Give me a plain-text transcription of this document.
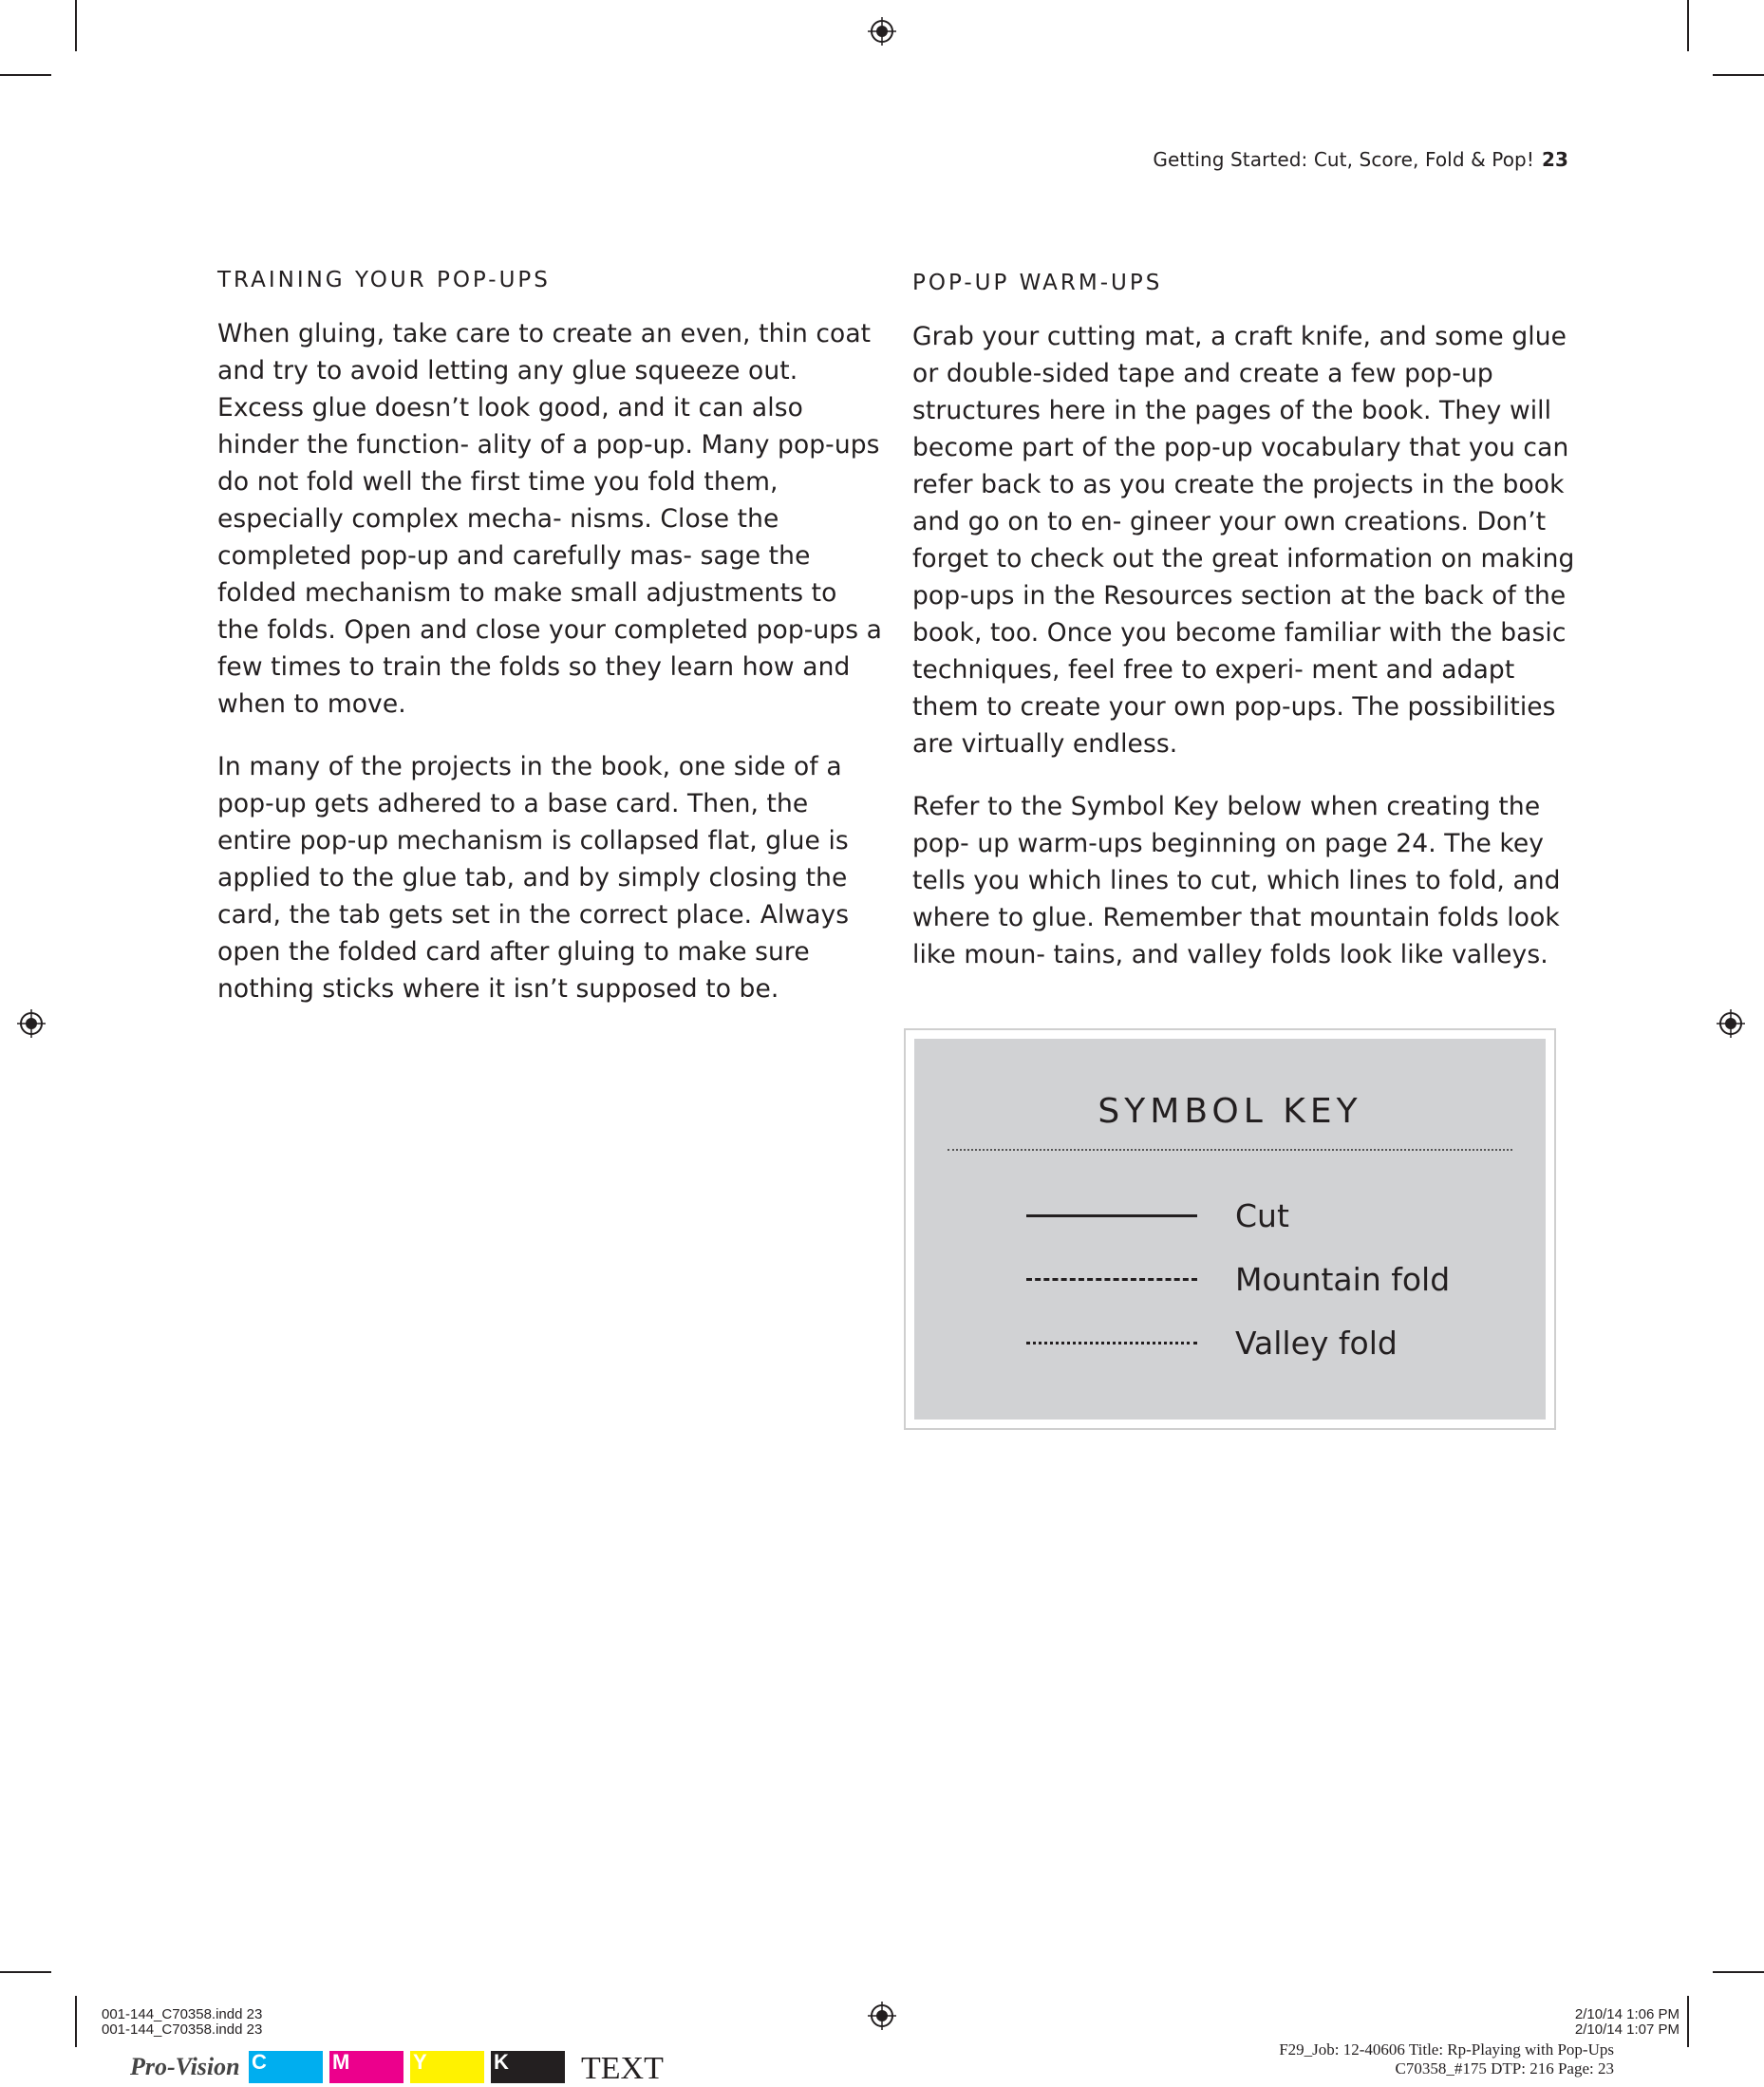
Getting Started: Cut, Score, Fold & Pop! 23
TRAINING YOUR POP-UPS

When gluing, take care to create an even, thin coat and try to avoid letting any glue squeeze out. Excess glue doesn’t look good, and it can also hinder the function- ality of a pop-up. Many pop-ups do not fold well the first time you fold them, especially complex mecha- nisms. Close the completed pop-up and carefully mas- sage the folded mechanism to make small adjustments to the folds. Open and close your completed pop-ups a few times to train the folds so they learn how and when to move.

In many of the projects in the book, one side of a pop-up gets adhered to a base card. Then, the entire pop-up mechanism is collapsed flat, glue is applied to the glue tab, and by simply closing the card, the tab gets set in the correct place. Always open the folded card after gluing to make sure nothing sticks where it isn’t supposed to be.

POP-UP WARM-UPS

Grab your cutting mat, a craft knife, and some glue or double-sided tape and create a few pop-up structures here in the pages of the book. They will become part of the pop-up vocabulary that you can refer back to as you create the projects in the book and go on to en- gineer your own creations. Don’t forget to check out the great information on making pop-ups in the Resources section at the back of the book, too. Once you become familiar with the basic techniques, feel free to experi- ment and adapt them to create your own pop-ups. The possibilities are virtually endless.

Refer to the Symbol Key below when creating the pop- up warm-ups beginning on page 24. The key tells you which lines to cut, which lines to fold, and where to glue. Remember that mountain folds look like moun- tains, and valley folds look like valleys.

SYMBOL KEY
Cut
Mountain fold
Valley fold
001-144_C70358.indd 23
001-144_C70358.indd 23
2/10/14 1:06 PM
2/10/14 1:07 PM
F29_Job: 12-40606 Title: Rp-Playing with Pop-Ups
C70358_#175 DTP: 216 Page: 23
Pro-Vision C	M	Y	K	TEXT
